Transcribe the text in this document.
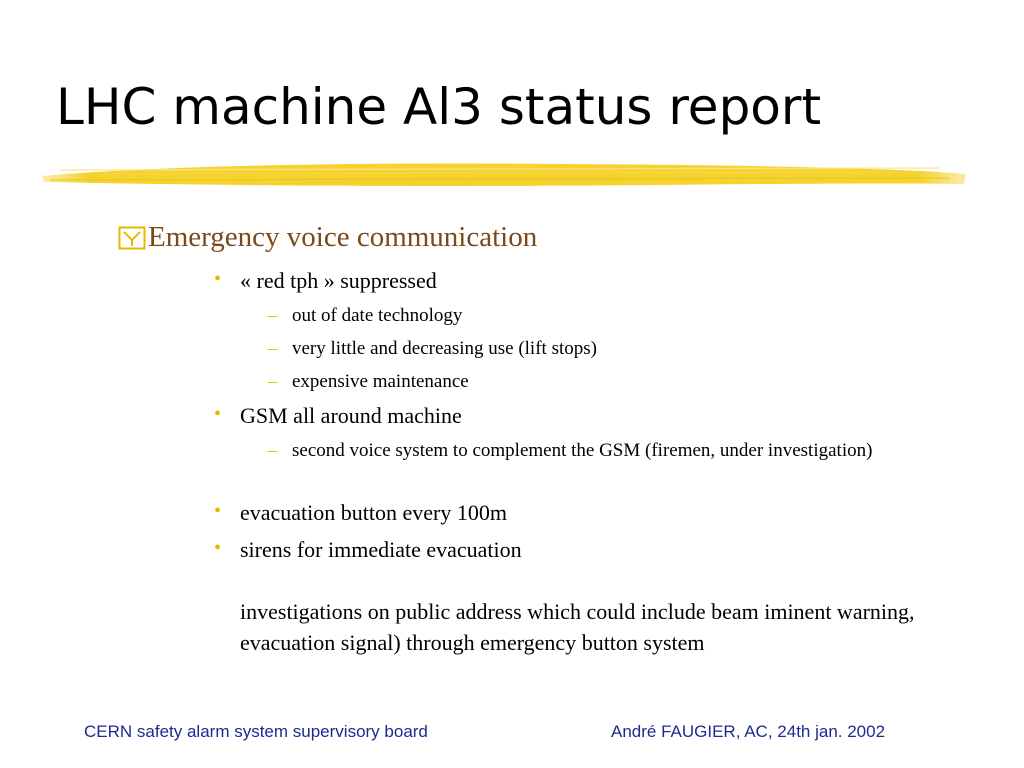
LHC machine Al3 status report
Emergency voice communication
• « red tph » suppressed
– out of date technology
– very little and decreasing use (lift stops)
– expensive maintenance
• GSM all around machine
– second voice system to complement the GSM (firemen, under investigation)
• evacuation button every 100m
• sirens for immediate evacuation
investigations on public address which could include beam iminent warning, evacuation signal) through emergency button system
CERN safety alarm system supervisory board	André FAUGIER, AC, 24th jan. 2002
